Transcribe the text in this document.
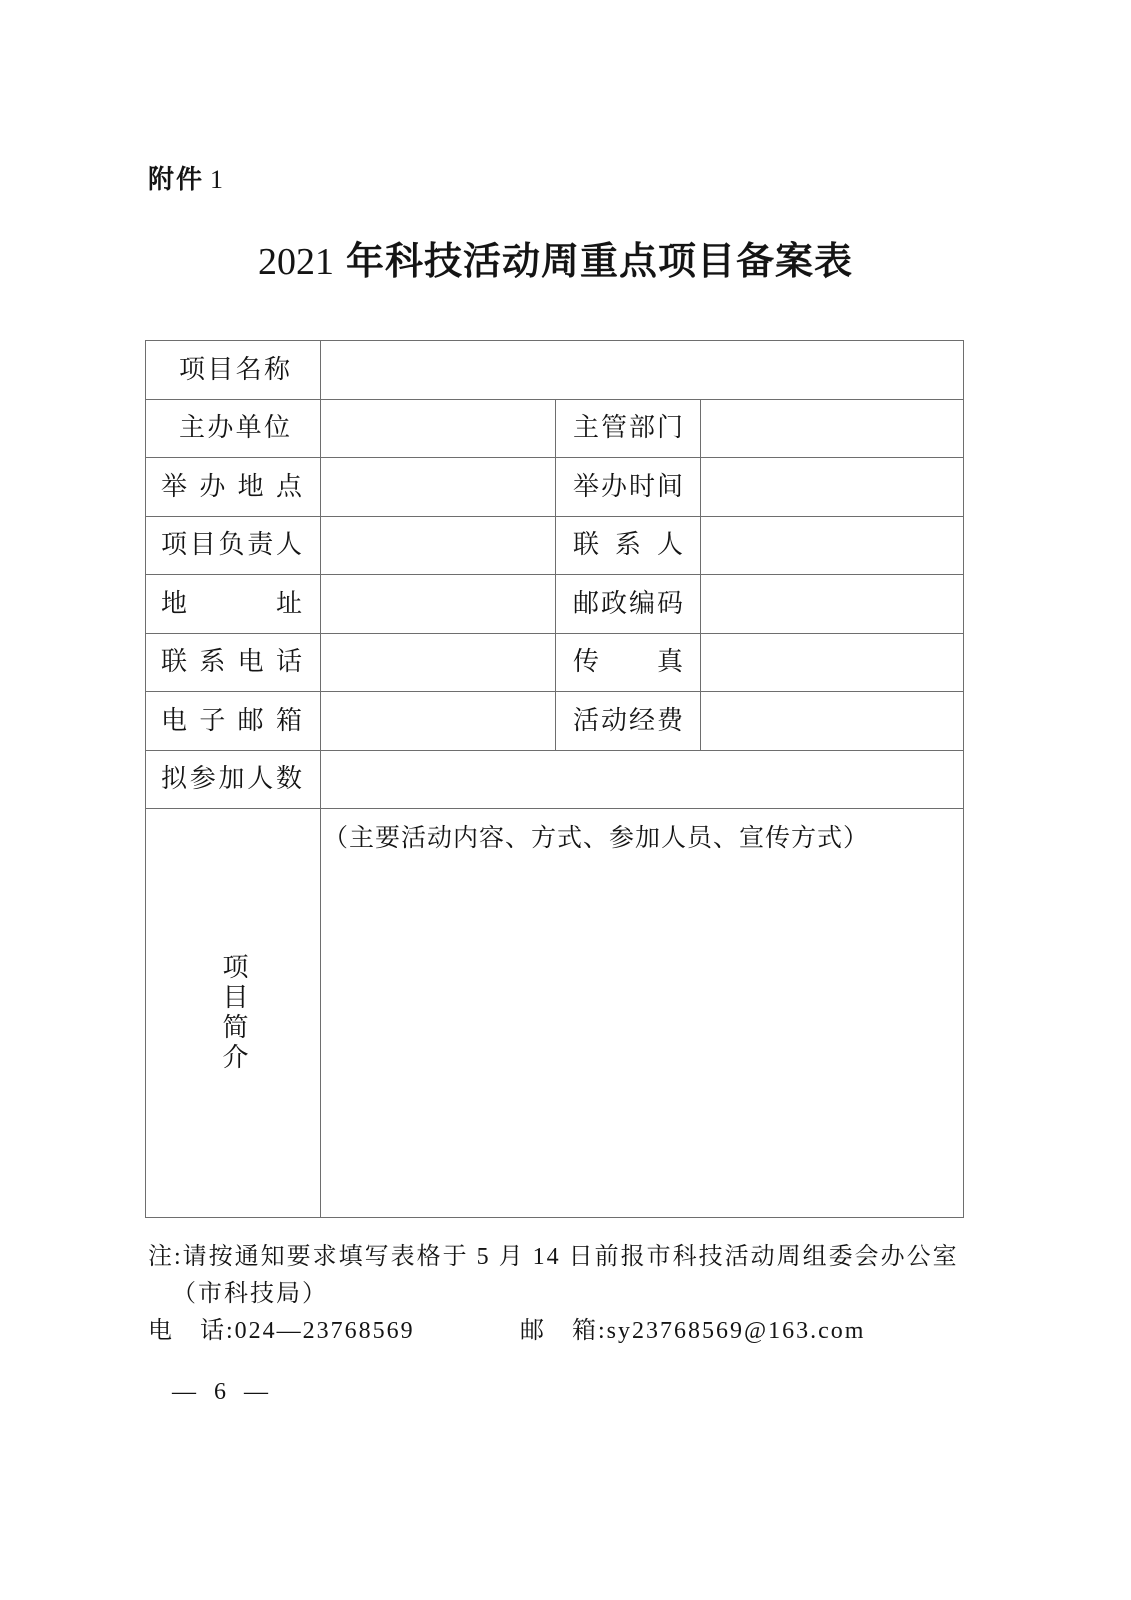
附件 1
2021 年科技活动周重点项目备案表
项 目 名 称			

主 办 单 位		主 管 部 门	

举 办 地 点		举 办 时 间	

项 目 负 责 人		联 系 人	

地 址		邮 政 编 码	

联 系 电 话		传 真	

电 子 邮 箱		活 动 经 费	

拟 参 加 人 数			

项目简介	（主要活动内容、方式、参加人员、宣传方式）		
注:请按通知要求填写表格于 5 月 14 日前报市科技活动周组委会办公室
（市科技局）
电　话:024—23768569	邮　箱:sy23768569@163.com
— 6 —
